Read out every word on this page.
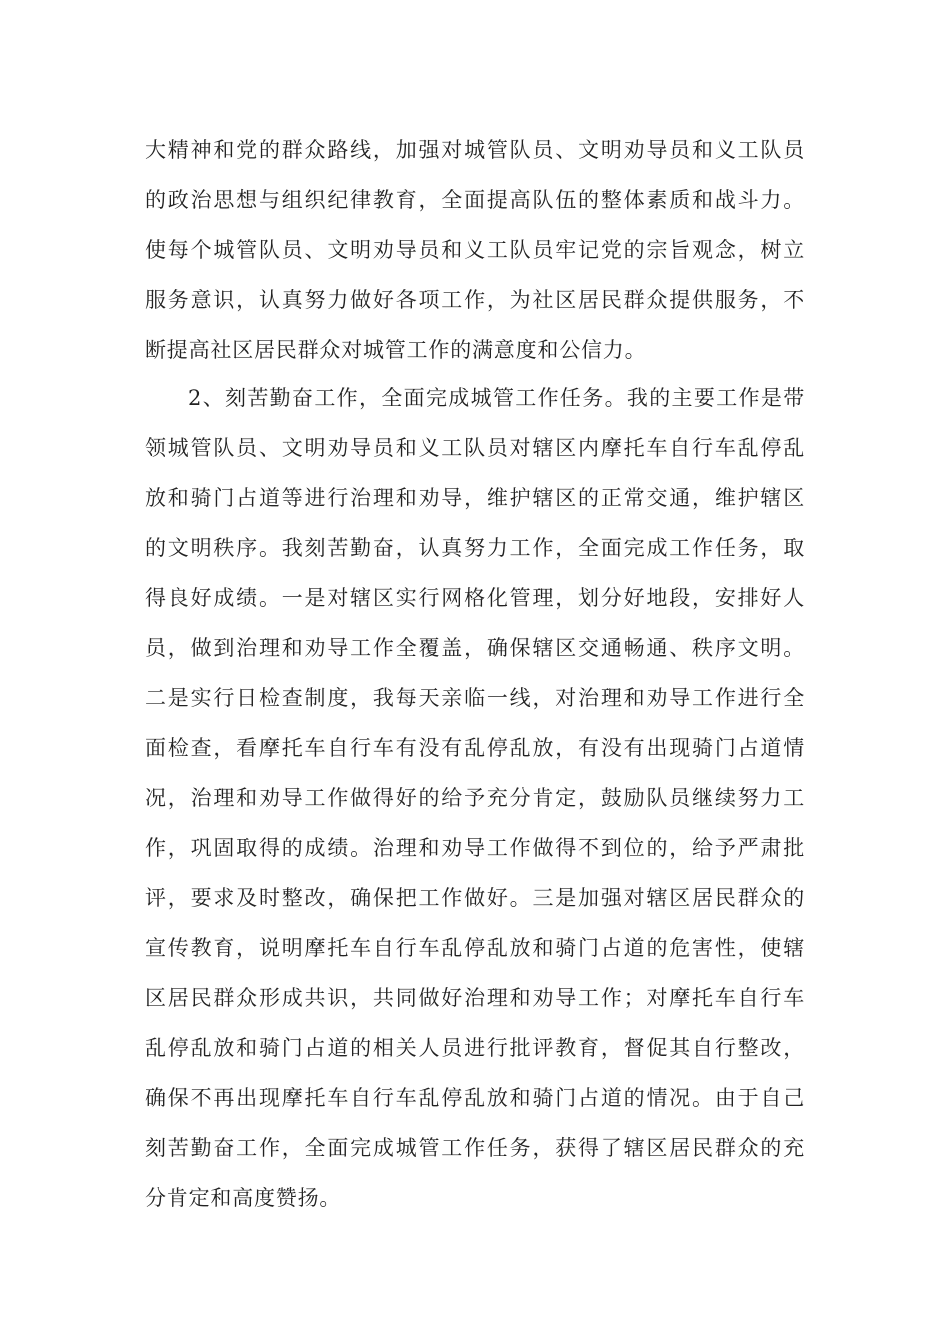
大精神和党的群众路线，加强对城管队员、文明劝导员和义工队员
的政治思想与组织纪律教育，全面提高队伍的整体素质和战斗力。
使每个城管队员、文明劝导员和义工队员牢记党的宗旨观念，树立
服务意识，认真努力做好各项工作，为社区居民群众提供服务，不
断提高社区居民群众对城管工作的满意度和公信力。
2、刻苦勤奋工作，全面完成城管工作任务。我的主要工作是带
领城管队员、文明劝导员和义工队员对辖区内摩托车自行车乱停乱
放和骑门占道等进行治理和劝导，维护辖区的正常交通，维护辖区
的文明秩序。我刻苦勤奋，认真努力工作，全面完成工作任务，取
得良好成绩。一是对辖区实行网格化管理，划分好地段，安排好人
员，做到治理和劝导工作全覆盖，确保辖区交通畅通、秩序文明。
二是实行日检查制度，我每天亲临一线，对治理和劝导工作进行全
面检查，看摩托车自行车有没有乱停乱放，有没有出现骑门占道情
况，治理和劝导工作做得好的给予充分肯定，鼓励队员继续努力工
作，巩固取得的成绩。治理和劝导工作做得不到位的，给予严肃批
评，要求及时整改，确保把工作做好。三是加强对辖区居民群众的
宣传教育，说明摩托车自行车乱停乱放和骑门占道的危害性，使辖
区居民群众形成共识，共同做好治理和劝导工作；对摩托车自行车
乱停乱放和骑门占道的相关人员进行批评教育，督促其自行整改，
确保不再出现摩托车自行车乱停乱放和骑门占道的情况。由于自己
刻苦勤奋工作，全面完成城管工作任务，获得了辖区居民群众的充
分肯定和高度赞扬。
